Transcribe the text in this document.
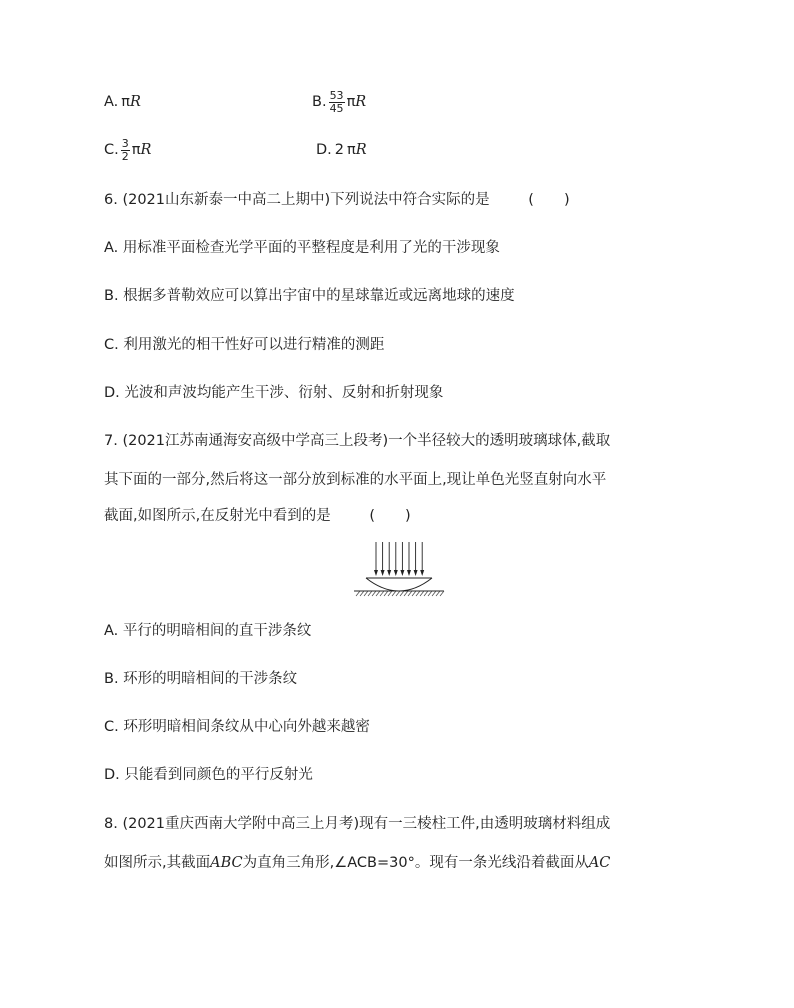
A. π R	B. $\frac{53}{45}$ π R
C. $\frac{3}{2}$ π R	D. 2 π R
6. (2021山东新泰一中高二上期中)下列说法中符合实际的是	( )
A. 用标准平面检查光学平面的平整程度是利用了光的干涉现象
B. 根据多普勒效应可以算出宇宙中的星球靠近或远离地球的速度
C. 利用激光的相干性好可以进行精准的测距
D. 光波和声波均能产生干涉、衍射、反射和折射现象
7. (2021江苏南通海安高级中学高三上段考)一个半径较大的透明玻璃球体,截取
其下面的一部分,然后将这一部分放到标准的水平面上,现让单色光竖直射向水平
截面,如图所示,在反射光中看到的是	( )
A. 平行的明暗相间的直干涉条纹
B. 环形的明暗相间的干涉条纹
C. 环形明暗相间条纹从中心向外越来越密
D. 只能看到同颜色的平行反射光
8. (2021重庆西南大学附中高三上月考)现有一三棱柱工件,由透明玻璃材料组成
如图所示,其截面ABC为直角三角形,∠ACB=30°。现有一条光线沿着截面从AC
